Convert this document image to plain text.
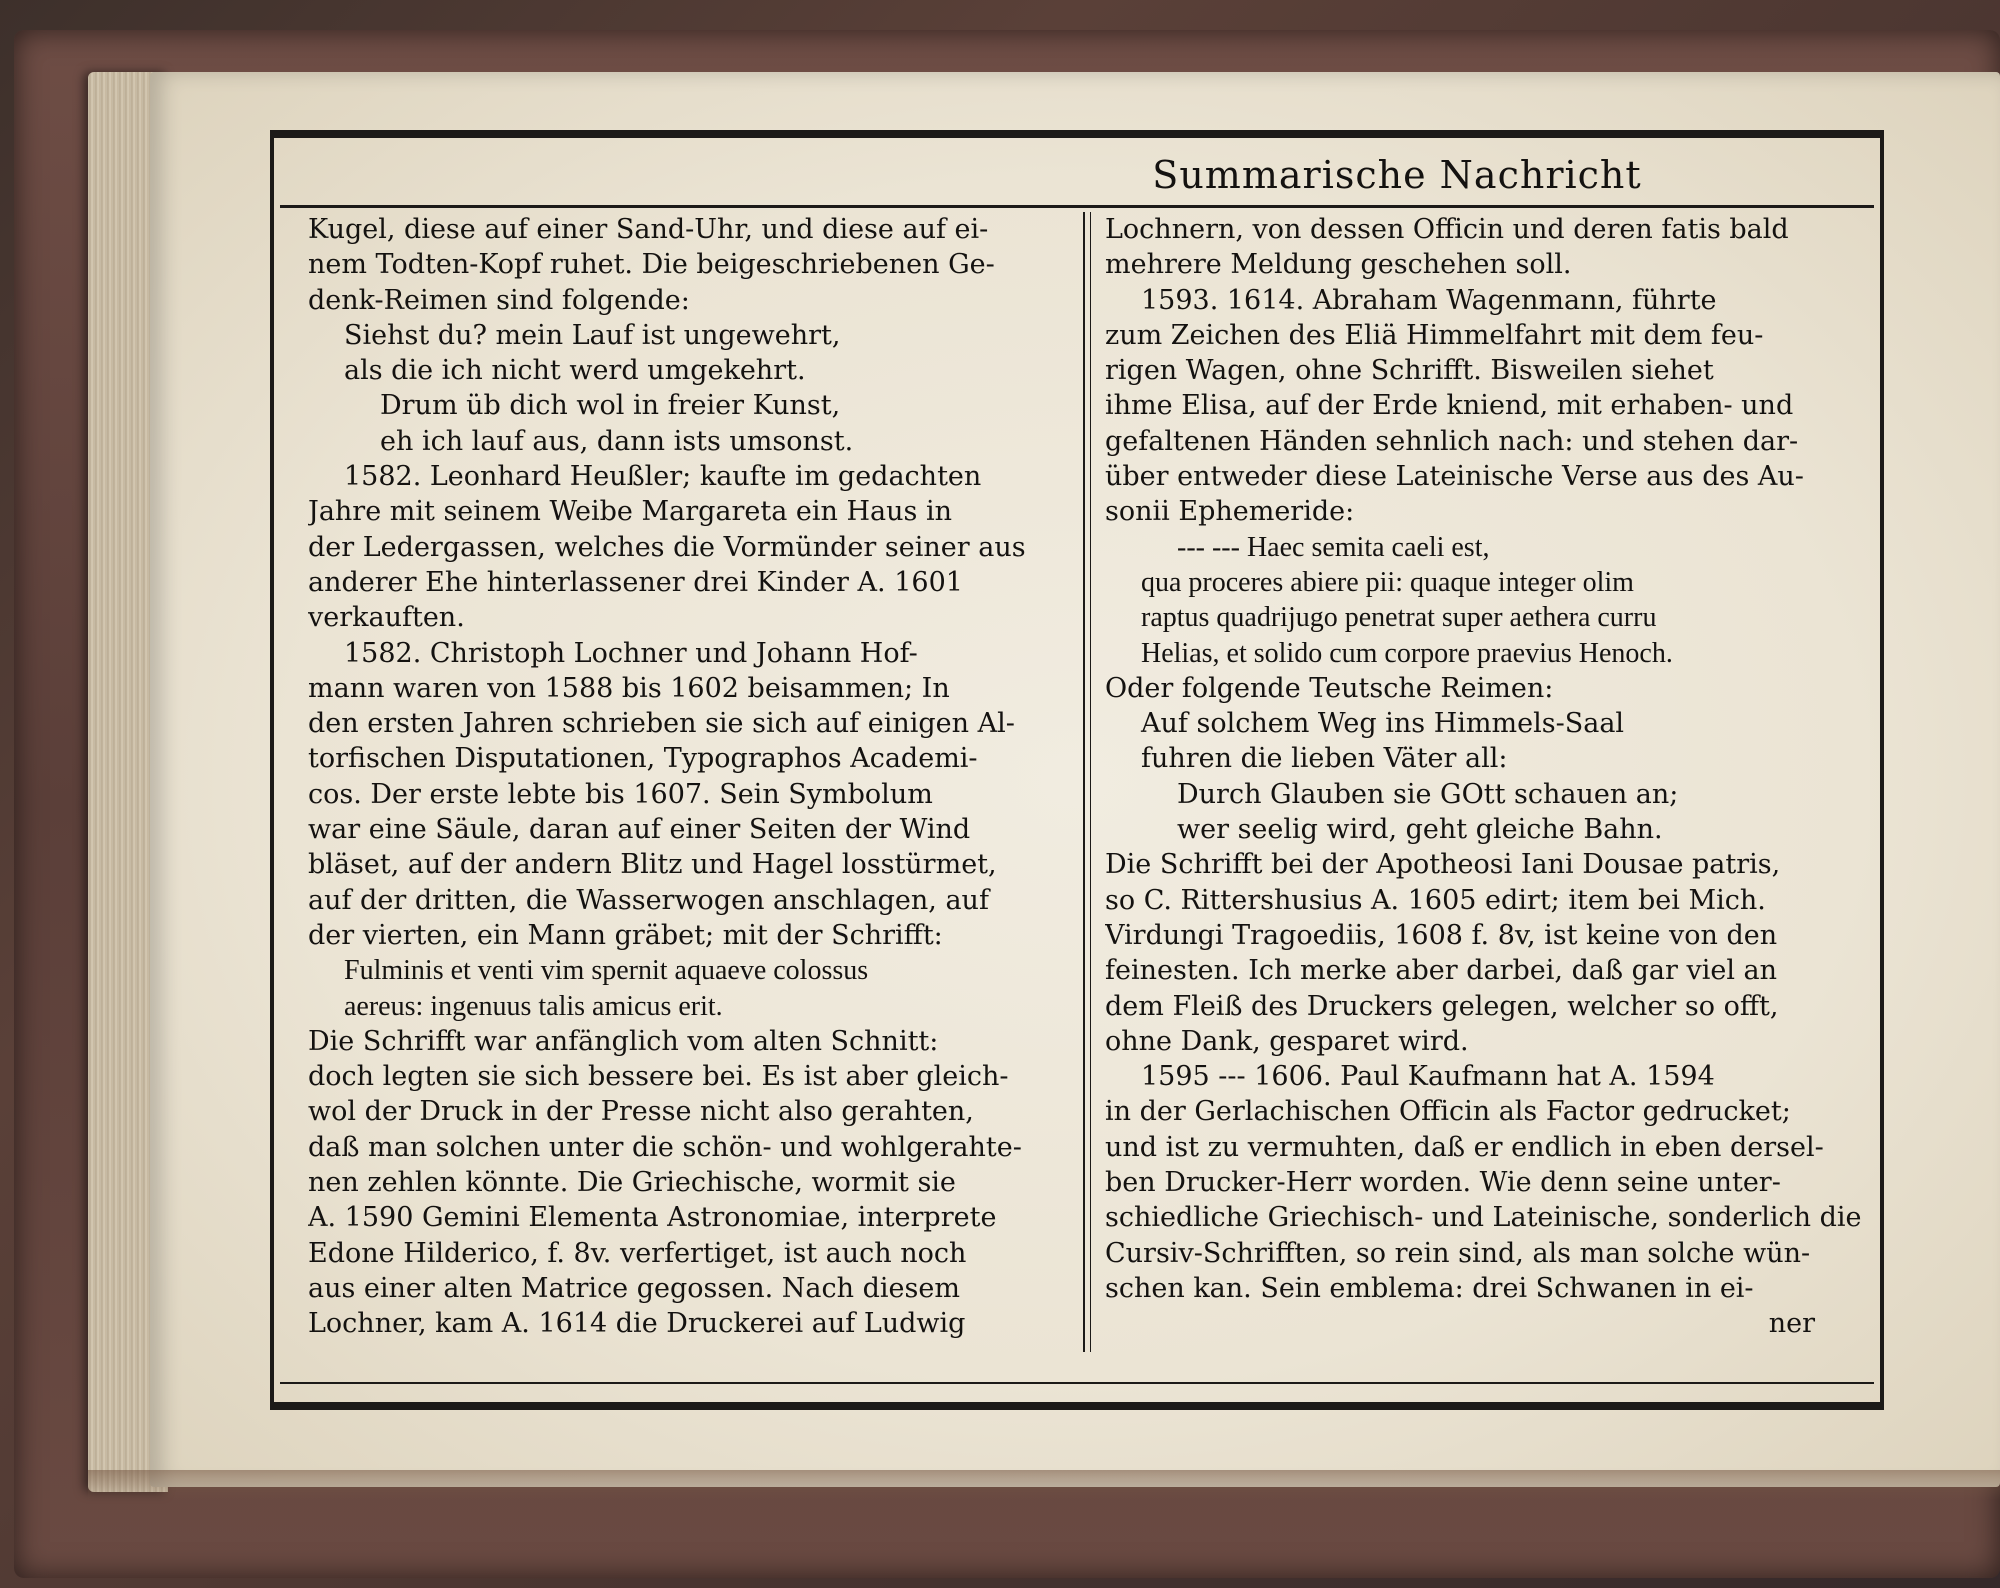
Summarische Nachricht
Kugel, diese auf einer Sand-Uhr, und diese auf ei-
nem Todten-Kopf ruhet. Die beigeschriebenen Ge-
denk-Reimen sind folgende:
Siehst du? mein Lauf ist ungewehrt,
als die ich nicht werd umgekehrt.
Drum üb dich wol in freier Kunst,
eh ich lauf aus, dann ists umsonst.
1582. Leonhard Heußler; kaufte im gedachten
Jahre mit seinem Weibe Margareta ein Haus in
der Ledergassen, welches die Vormünder seiner aus
anderer Ehe hinterlassener drei Kinder A. 1601
verkauften.
1582. Christoph Lochner und Johann Hof-
mann waren von 1588 bis 1602 beisammen; In
den ersten Jahren schrieben sie sich auf einigen Al-
torfischen Disputationen, Typographos Academi-
cos. Der erste lebte bis 1607. Sein Symbolum
war eine Säule, daran auf einer Seiten der Wind
bläset, auf der andern Blitz und Hagel losstürmet,
auf der dritten, die Wasserwogen anschlagen, auf
der vierten, ein Mann gräbet; mit der Schrifft:
Fulminis et venti vim spernit aquaeve colossus
aereus: ingenuus talis amicus erit.
Die Schrifft war anfänglich vom alten Schnitt:
doch legten sie sich bessere bei. Es ist aber gleich-
wol der Druck in der Presse nicht also gerahten,
daß man solchen unter die schön- und wohlgerahte-
nen zehlen könnte. Die Griechische, wormit sie
A. 1590 Gemini Elementa Astronomiae, interprete
Edone Hilderico, f. 8v. verfertiget, ist auch noch
aus einer alten Matrice gegossen. Nach diesem
Lochner, kam A. 1614 die Druckerei auf Ludwig
Lochnern, von dessen Officin und deren fatis bald
mehrere Meldung geschehen soll.
1593. 1614. Abraham Wagenmann, führte
zum Zeichen des Eliä Himmelfahrt mit dem feu-
rigen Wagen, ohne Schrifft. Bisweilen siehet
ihme Elisa, auf der Erde kniend, mit erhaben- und
gefaltenen Händen sehnlich nach: und stehen dar-
über entweder diese Lateinische Verse aus des Au-
sonii Ephemeride:
--- --- Haec semita caeli est,
qua proceres abiere pii: quaque integer olim
raptus quadrijugo penetrat super aethera curru
Helias, et solido cum corpore praevius Henoch.
Oder folgende Teutsche Reimen:
Auf solchem Weg ins Himmels-Saal
fuhren die lieben Väter all:
Durch Glauben sie GOtt schauen an;
wer seelig wird, geht gleiche Bahn.
Die Schrifft bei der Apotheosi Iani Dousae patris,
so C. Rittershusius A. 1605 edirt; item bei Mich.
Virdungi Tragoediis, 1608 f. 8v, ist keine von den
feinesten. Ich merke aber darbei, daß gar viel an
dem Fleiß des Druckers gelegen, welcher so offt,
ohne Dank, gesparet wird.
1595 --- 1606. Paul Kaufmann hat A. 1594
in der Gerlachischen Officin als Factor gedrucket;
und ist zu vermuhten, daß er endlich in eben dersel-
ben Drucker-Herr worden. Wie denn seine unter-
schiedliche Griechisch- und Lateinische, sonderlich die
Cursiv-Schrifften, so rein sind, als man solche wün-
schen kan. Sein emblema: drei Schwanen in ei-
ner
